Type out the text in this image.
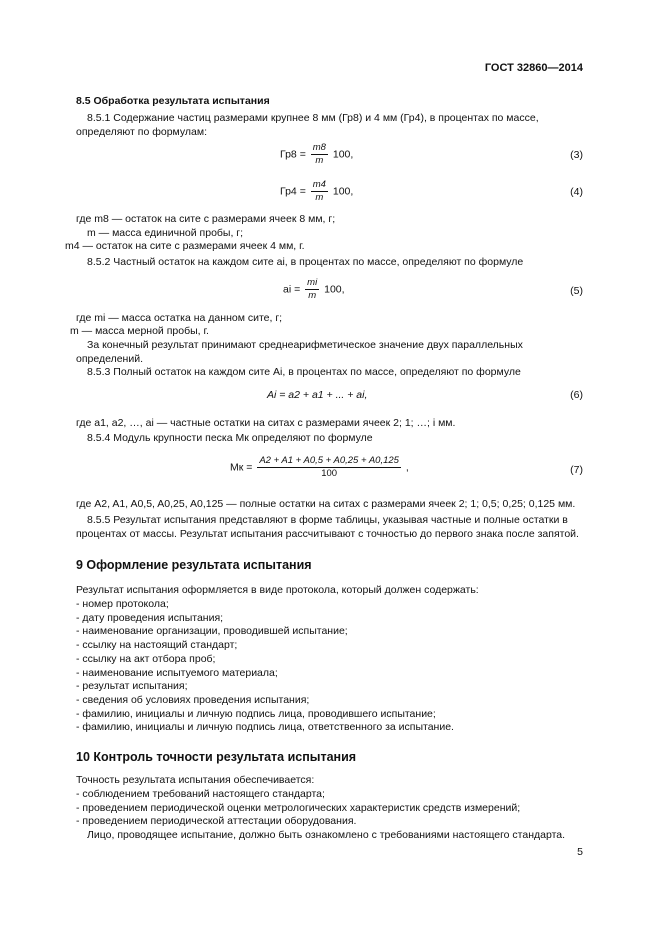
ГОСТ 32860—2014
8.5 Обработка результата испытания
8.5.1 Содержание частиц размерами крупнее 8 мм (Гр8) и 4 мм (Гр4), в процентах по массе, определяют по формулам:
$Гр8 = \frac{m8}{m} 100$,	(3)
$Гр4 = \frac{m4}{m} 100$,	(4)
где m8 — остаток на сите с размерами ячеек 8 мм, г;
m — масса единичной пробы, г;
m4 — остаток на сите с размерами ячеек 4 мм, г.
8.5.2 Частный остаток на каждом сите ai, в процентах по массе, определяют по формуле
ai = $\frac{mi}{m} 100$,	(5)
где mi — масса остатка на данном сите, г;
m — масса мерной пробы, г.
За конечный результат принимают среднеарифметическое значение двух параллельных определений.
8.5.3 Полный остаток на каждом сите Ai, в процентах по массе, определяют по формуле
Ai = a2 + a1 + ... + ai,	(6)
где a1, a2, …, ai — частные остатки на ситах с размерами ячеек 2; 1; …; i мм.
8.5.4 Модуль крупности песка Mк определяют по формуле
Mк = $\frac{A2 + A1 + A0,5 + A0,25 + A0,125}{100}$ ,	(7)
где A2, A1, A0,5, A0,25, A0,125 — полные остатки на ситах с размерами ячеек 2; 1; 0,5; 0,25; 0,125 мм.
8.5.5 Результат испытания представляют в форме таблицы, указывая частные и полные остатки в процентах от массы. Результат испытания рассчитывают с точностью до первого знака после запятой.
9 Оформление результата испытания
Результат испытания оформляется в виде протокола, который должен содержать:
- номер протокола;
- дату проведения испытания;
- наименование организации, проводившей испытание;
- ссылку на настоящий стандарт;
- ссылку на акт отбора проб;
- наименование испытуемого материала;
- результат испытания;
- сведения об условиях проведения испытания;
- фамилию, инициалы и личную подпись лица, проводившего испытание;
- фамилию, инициалы и личную подпись лица, ответственного за испытание.
10 Контроль точности результата испытания
Точность результата испытания обеспечивается:
- соблюдением требований настоящего стандарта;
- проведением периодической оценки метрологических характеристик средств измерений;
- проведением периодической аттестации оборудования.
Лицо, проводящее испытание, должно быть ознакомлено с требованиями настоящего стандарта.
5
